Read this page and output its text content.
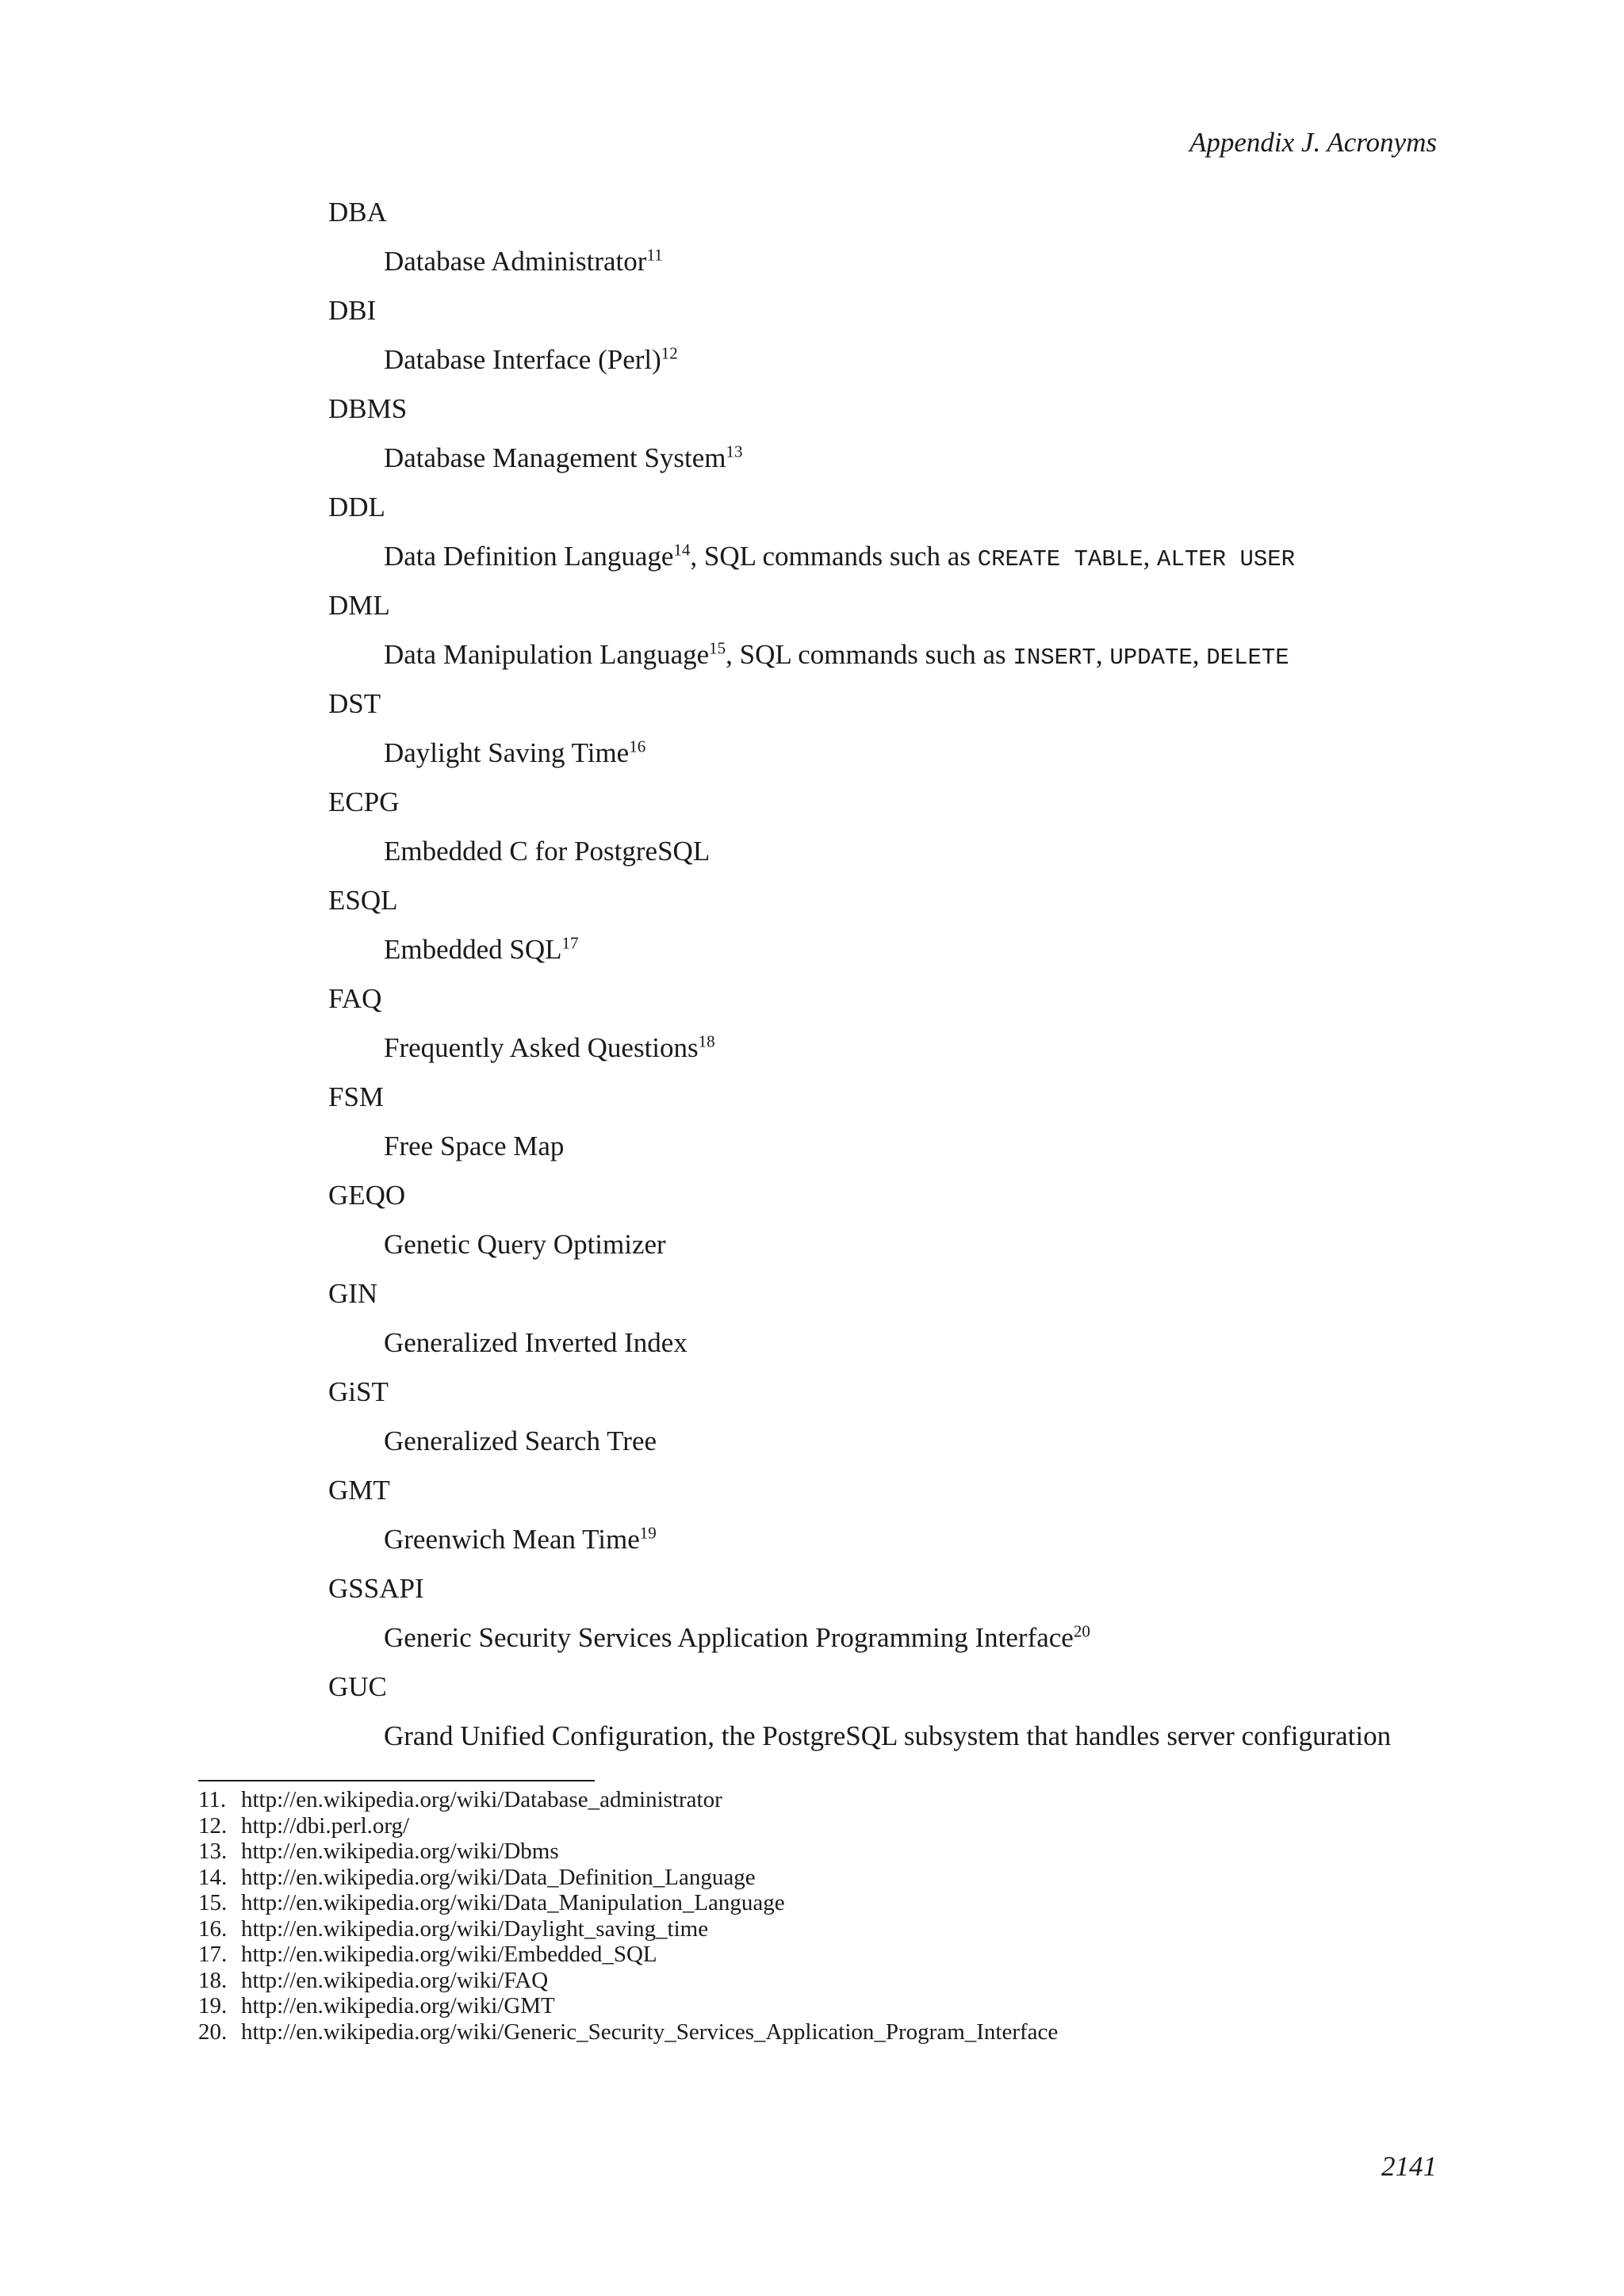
Appendix J. Acronyms
DBA
Database Administrator$^{11}$
DBI
Database Interface (Perl)$^{12}$
DBMS
Database Management System$^{13}$
DDL
Data Definition Language$^{14}$, SQL commands such as CREATE TABLE, ALTER USER
DML
Data Manipulation Language$^{15}$, SQL commands such as INSERT, UPDATE, DELETE
DST
Daylight Saving Time$^{16}$
ECPG
Embedded C for PostgreSQL
ESQL
Embedded SQL$^{17}$
FAQ
Frequently Asked Questions$^{18}$
FSM
Free Space Map
GEQO
Genetic Query Optimizer
GIN
Generalized Inverted Index
GiST
Generalized Search Tree
GMT
Greenwich Mean Time$^{19}$
GSSAPI
Generic Security Services Application Programming Interface$^{20}$
GUC
Grand Unified Configuration, the PostgreSQL subsystem that handles server configuration
11. http://en.wikipedia.org/wiki/Database_administrator
12. http://dbi.perl.org/
13. http://en.wikipedia.org/wiki/Dbms
14. http://en.wikipedia.org/wiki/Data_Definition_Language
15. http://en.wikipedia.org/wiki/Data_Manipulation_Language
16. http://en.wikipedia.org/wiki/Daylight_saving_time
17. http://en.wikipedia.org/wiki/Embedded_SQL
18. http://en.wikipedia.org/wiki/FAQ
19. http://en.wikipedia.org/wiki/GMT
20. http://en.wikipedia.org/wiki/Generic_Security_Services_Application_Program_Interface
2141
